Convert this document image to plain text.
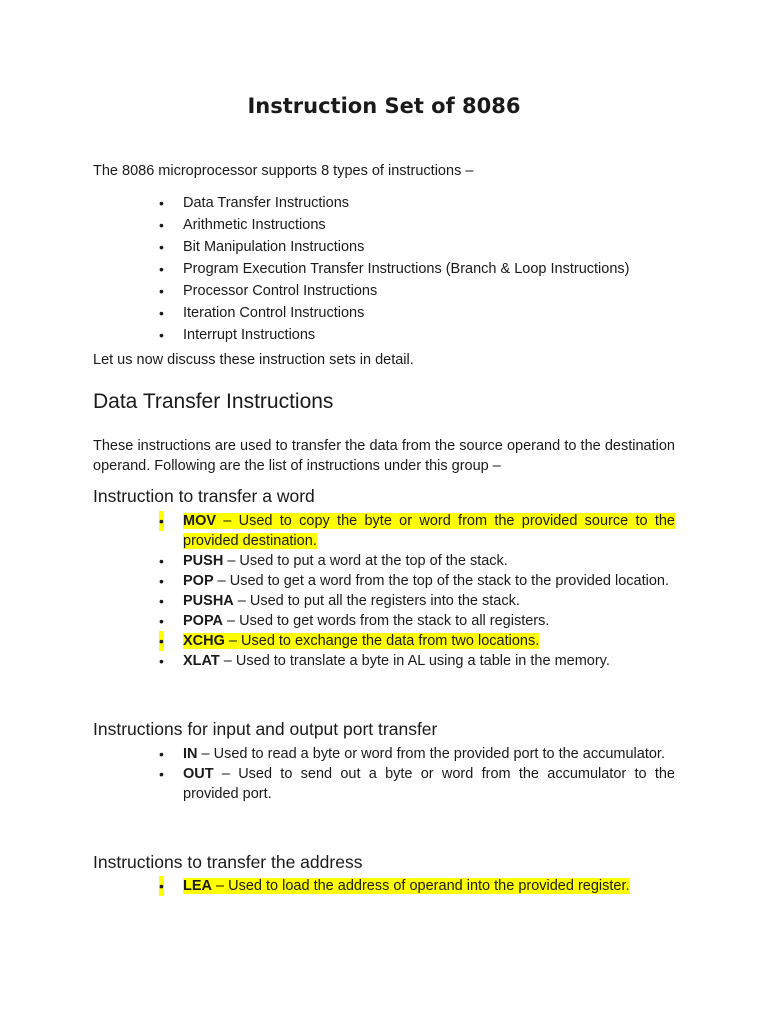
Instruction Set of 8086

The 8086 microprocessor supports 8 types of instructions –

• Data Transfer Instructions
• Arithmetic Instructions
• Bit Manipulation Instructions
• Program Execution Transfer Instructions (Branch & Loop Instructions)
• Processor Control Instructions
• Iteration Control Instructions
• Interrupt Instructions

Let us now discuss these instruction sets in detail.

Data Transfer Instructions

These instructions are used to transfer the data from the source operand to the destination operand. Following are the list of instructions under this group –

Instruction to transfer a word
• MOV – Used to copy the byte or word from the provided source to the provided destination.
• PUSH – Used to put a word at the top of the stack.
• POP – Used to get a word from the top of the stack to the provided location.
• PUSHA – Used to put all the registers into the stack.
• POPA – Used to get words from the stack to all registers.
• XCHG – Used to exchange the data from two locations.
• XLAT – Used to translate a byte in AL using a table in the memory.
Instructions for input and output port transfer
• IN – Used to read a byte or word from the provided port to the accumulator.
• OUT – Used to send out a byte or word from the accumulator to the provided port.
Instructions to transfer the address
• LEA – Used to load the address of operand into the provided register.
